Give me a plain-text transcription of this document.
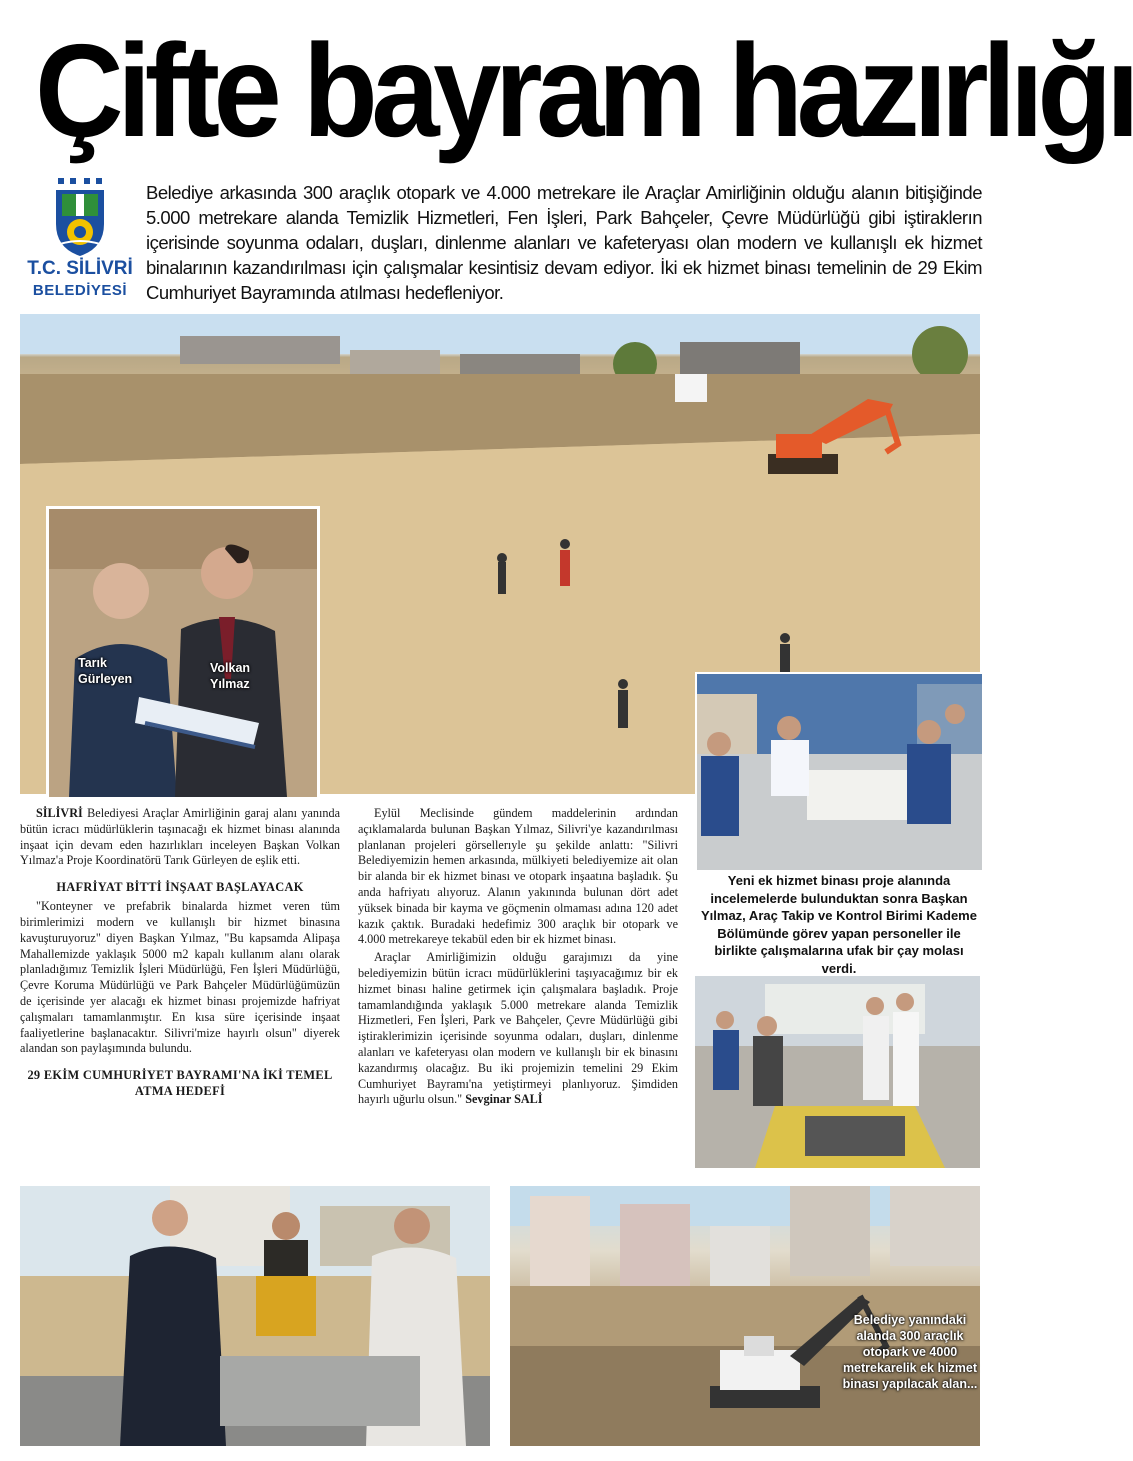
Çifte bayram hazırlığı
T.C. SİLİVRİ
BELEDİYESİ
Belediye arkasında 300 araçlık otopark ve 4.000 metrekare ile Araçlar Amirliğinin olduğu alanın bitişiğinde 5.000 metrekare alanda Temizlik Hizmetleri, Fen İşleri, Park Bahçeler, Çevre Müdürlüğü gibi iştiraklerın içerisinde soyunma odaları, duşları, dinlenme alanları ve kafeteryası olan modern ve kullanışlı ek hizmet binalarının kazandırılması için çalışmalar kesintisiz devam ediyor. İki ek hizmet binası temelinin de 29 Ekim Cumhuriyet Bayramında atılması hedefleniyor.
Tarık
Gürleyen
Volkan
Yılmaz
Yeni ek hizmet binası proje alanında incelemelerde bulunduktan sonra Başkan Yılmaz, Araç Takip ve Kontrol Birimi Kademe Bölümünde görev yapan personeller ile birlikte çalışmalarına ufak bir çay molası verdi.

SİLİVRİ Belediyesi Araçlar Amirliğinin garaj alanı yanında bütün icracı müdürlüklerin taşınacağı ek hizmet binası alanında inşaat için devam eden hazırlıkları inceleyen Başkan Volkan Yılmaz'a Proje Koordinatörü Tarık Gürleyen de eşlik etti.

HAFRİYAT BİTTİ İNŞAAT BAŞLAYACAK

"Konteyner ve prefabrik binalarda hizmet veren tüm birimlerimizi modern ve kullanışlı bir hizmet binasına kavuşturuyoruz" diyen Başkan Yılmaz, "Bu kapsamda Alipaşa Mahallemizde yaklaşık 5000 m2 kapalı kullanım alanı olarak planladığımız Temizlik İşleri Müdürlüğü, Fen İşleri Müdürlüğü, Çevre Koruma Müdürlüğü ve Park Bahçeler Müdürlüğümüzün de içerisinde yer alacağı ek hizmet binası projemizde hafriyat çalışmaları tamamlanmıştır. En kısa süre içerisinde inşaat faaliyetlerine başlanacaktır. Silivri'mize hayırlı olsun" diyerek alandan son paylaşımında bulundu.

29 EKİM CUMHURİYET BAYRAMI'NA İKİ TEMEL ATMA HEDEFİ

Eylül Meclisinde gündem maddelerinin ardından açıklamalarda bulunan Başkan Yılmaz, Silivri'ye kazandırılması planlanan projeleri görsellerıyle şu şekilde anlattı: "Silivri Belediyemizin hemen arkasında, mülkiyeti belediyemize ait olan bir alanda bir ek hizmet binası ve otopark inşaatına başladık. Şu anda hafriyatı alıyoruz. Alanın yakınında bulunan dört adet yüksek binada bir kayma ve göçmenin olmaması adına 120 adet kazık çaktık. Buradaki hedefimiz 300 araçlık bir otopark ve 4.000 metrekareye tekabül eden bir ek hizmet binası.

Araçlar Amirliğimizin olduğu garajımızı da yine belediyemizin bütün icracı müdürlüklerini taşıyacağımız bir ek hizmet binası haline getirmek için çalışmalara başladık. Proje tamamlandığında yaklaşık 5.000 metrekare alanda Temizlik Hizmetleri, Fen İşleri, Park ve Bahçeler, Çevre Müdürlüğü gibi iştiraklerimizin içerisinde soyunma odaları, duşları, dinlenme alanları ve kafeteryası olan modern ve kullanışlı bir ek binasını kazandırmış olacağız. Bu iki projemizin temelini 29 Ekim Cumhuriyet Bayramı'na yetiştirmeyi planlıyoruz. Şimdiden hayırlı uğurlu olsun." Sevginar SALİ

Belediye yanındaki alanda 300 araçlık otopark ve 4000 metrekarelik ek hizmet binası yapılacak alan...
